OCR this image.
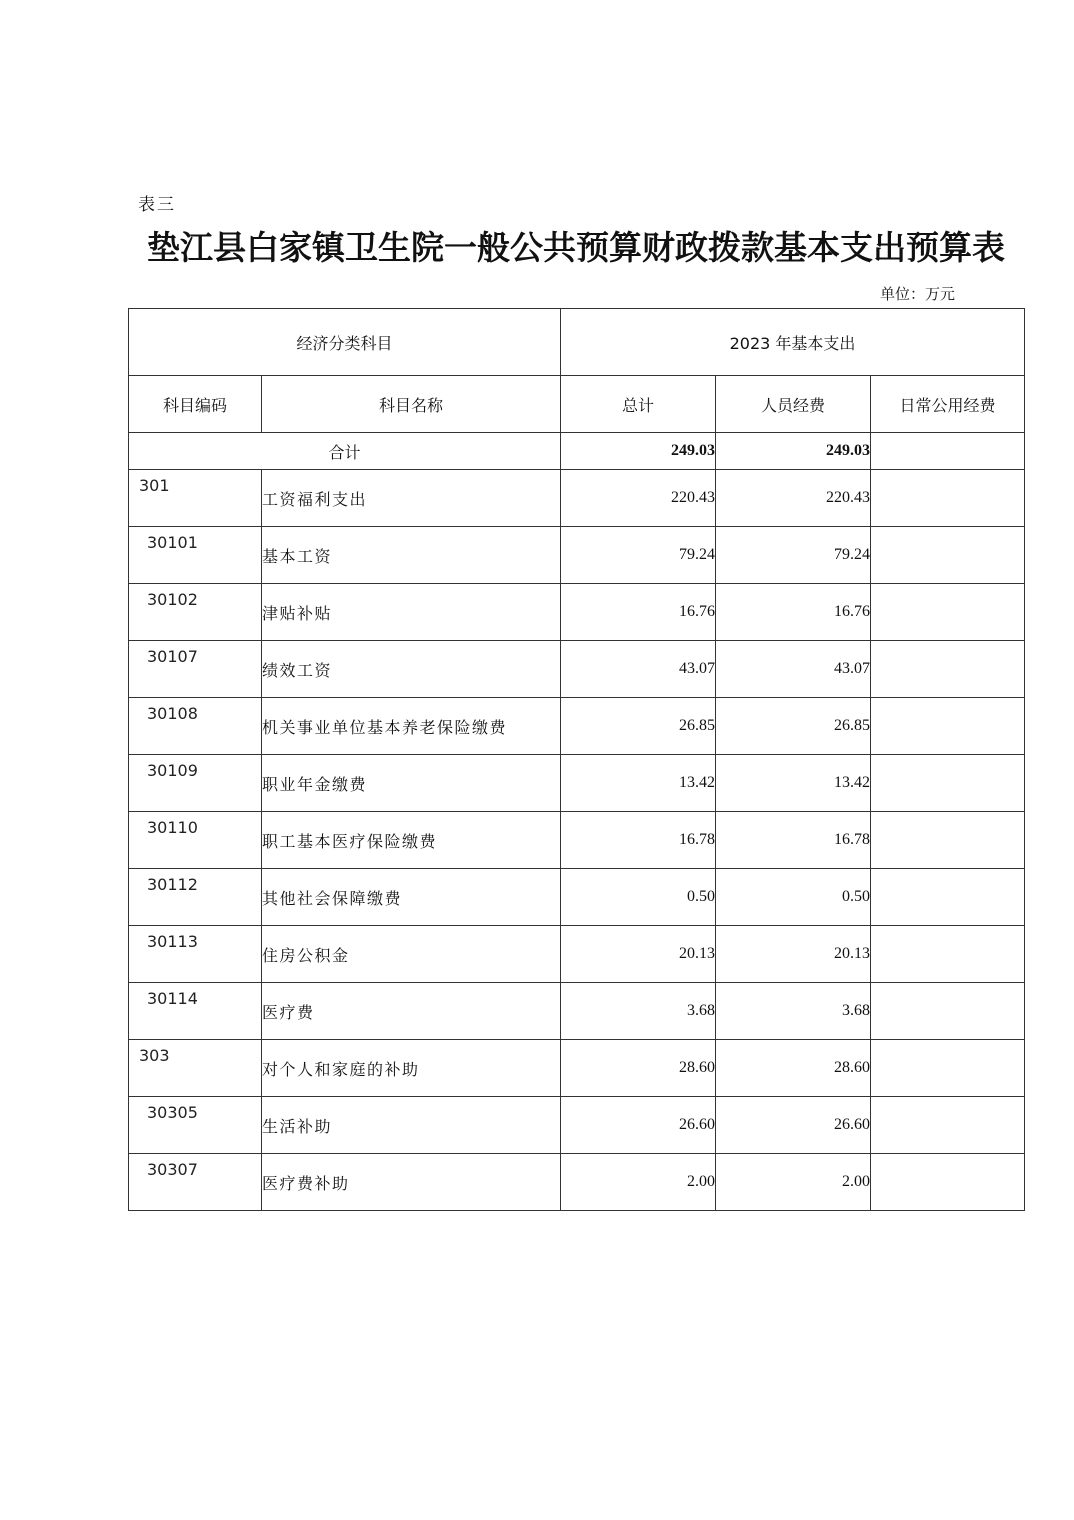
表三
垫江县白家镇卫生院一般公共预算财政拨款基本支出预算表
单位：万元
经济分类科目		2023 年基本支出		
科目编码	科目名称	总计	人员经费	日常公用经费
合计		249.03	249.03	

301	工资福利支出	220.43	220.43	

30101	基本工资	79.24	79.24	

30102	津贴补贴	16.76	16.76	

30107	绩效工资	43.07	43.07	

30108	机关事业单位基本养老保险缴费	26.85	26.85	

30109	职业年金缴费	13.42	13.42	

30110	职工基本医疗保险缴费	16.78	16.78	

30112	其他社会保障缴费	0.50	0.50	

30113	住房公积金	20.13	20.13	

30114	医疗费	3.68	3.68	

303	对个人和家庭的补助	28.60	28.60	

30305	生活补助	26.60	26.60	

30307	医疗费补助	2.00	2.00	
